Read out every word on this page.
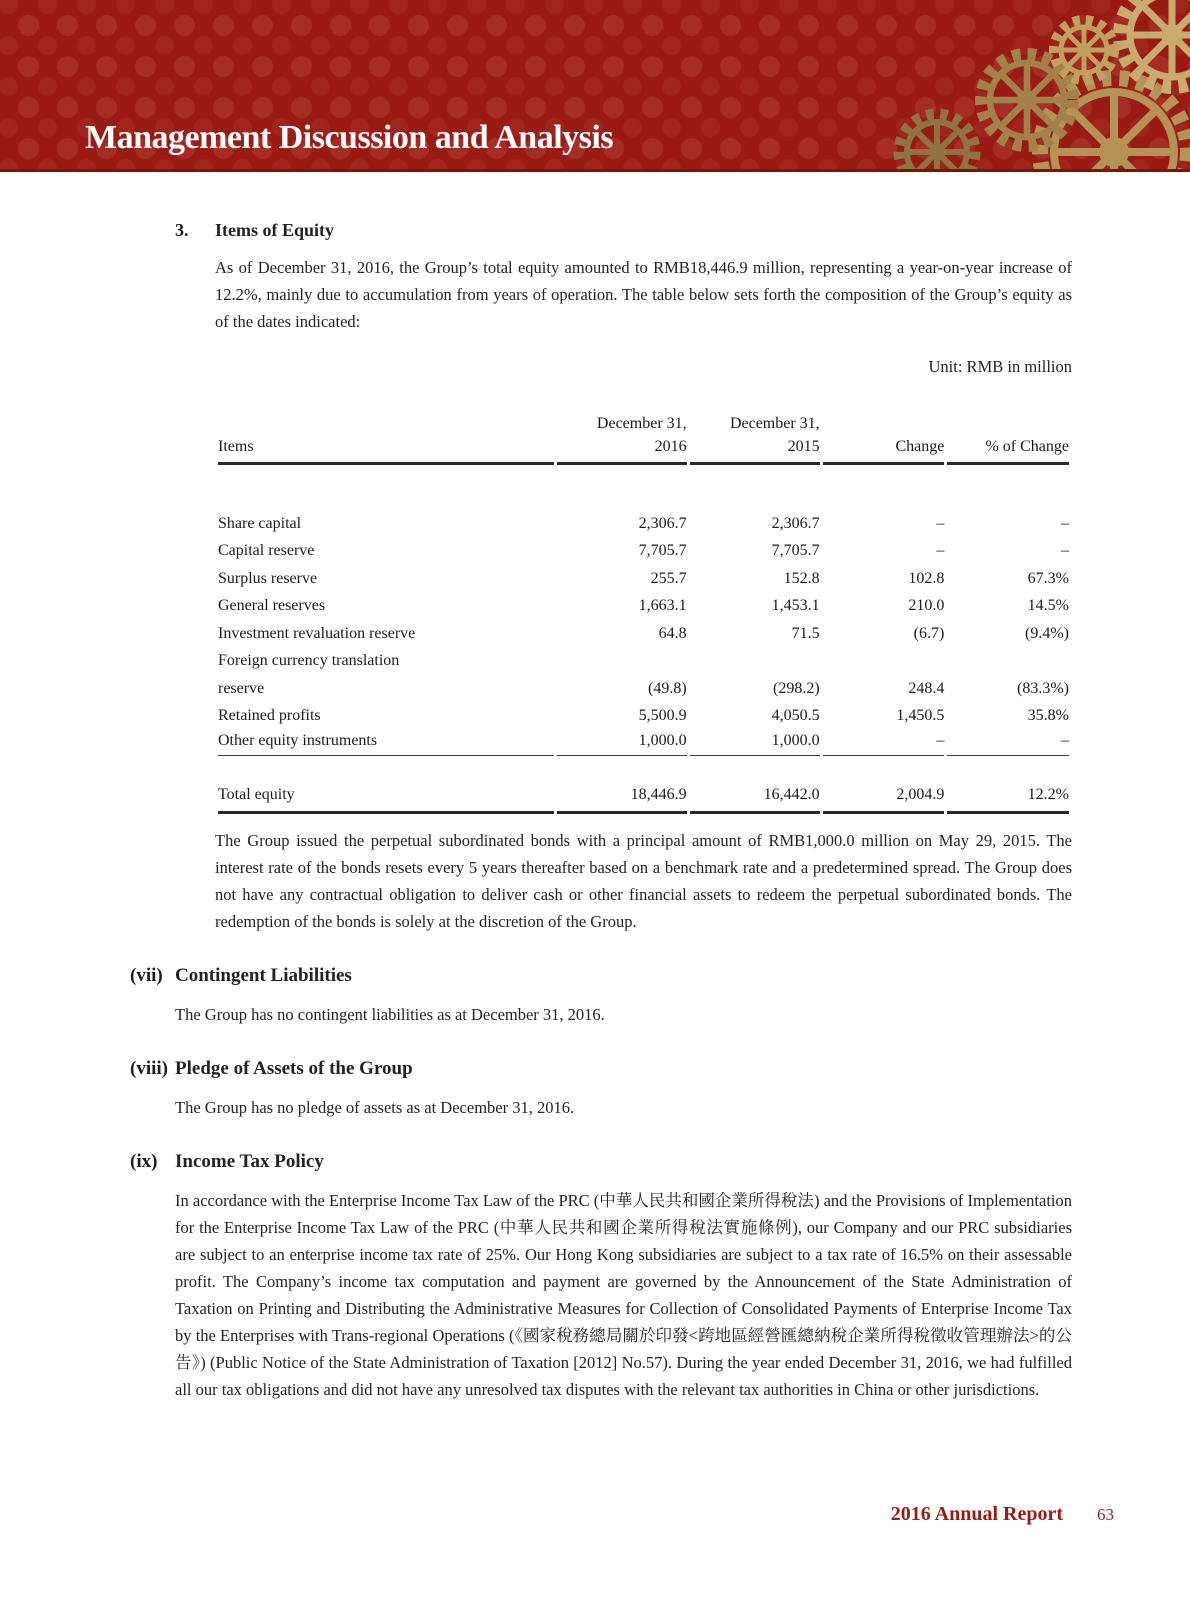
Management Discussion and Analysis
3.	Items of Equity

As of December 31, 2016, the Group’s total equity amounted to RMB18,446.9 million, representing a year-on-year increase of 12.2%, mainly due to accumulation from years of operation. The table below sets forth the composition of the Group’s equity as of the dates indicated:

Unit: RMB in million
	December 31,	December 31,		
Items	2016	2015	Change	% of Change

Share capital	2,306.7	2,306.7	–	–
Capital reserve	7,705.7	7,705.7	–	–
Surplus reserve	255.7	152.8	102.8	67.3%
General reserves	1,663.1	1,453.1	210.0	14.5%
Investment revaluation reserve	64.8	71.5	(6.7)	(9.4%)
Foreign currency translation				
reserve	(49.8)	(298.2)	248.4	(83.3%)
Retained profits	5,500.9	4,050.5	1,450.5	35.8%
Other equity instruments	1,000.0	1,000.0	–	–

Total equity	18,446.9	16,442.0	2,004.9	12.2%

The Group issued the perpetual subordinated bonds with a principal amount of RMB1,000.0 million on May 29, 2015. The interest rate of the bonds resets every 5 years thereafter based on a benchmark rate and a predetermined spread. The Group does not have any contractual obligation to deliver cash or other financial assets to redeem the perpetual subordinated bonds. The redemption of the bonds is solely at the discretion of the Group.

(vii) Contingent Liabilities

The Group has no contingent liabilities as at December 31, 2016.

(viii) Pledge of Assets of the Group

The Group has no pledge of assets as at December 31, 2016.

(ix) Income Tax Policy

In accordance with the Enterprise Income Tax Law of the PRC (中華人民共和國企業所得稅法) and the Provisions of Implementation for the Enterprise Income Tax Law of the PRC (中華人民共和國企業所得稅法實施條例), our Company and our PRC subsidiaries are subject to an enterprise income tax rate of 25%. Our Hong Kong subsidiaries are subject to a tax rate of 16.5% on their assessable profit. The Company’s income tax computation and payment are governed by the Announcement of the State Administration of Taxation on Printing and Distributing the Administrative Measures for Collection of Consolidated Payments of Enterprise Income Tax by the Enterprises with Trans-regional Operations (《國家稅務總局關於印發<跨地區經營匯總納稅企業所得稅徵收管理辦法>的公告》) (Public Notice of the State Administration of Taxation [2012] No.57). During the year ended December 31, 2016, we had fulfilled all our tax obligations and did not have any unresolved tax disputes with the relevant tax authorities in China or other jurisdictions.

2016 Annual Report 63
